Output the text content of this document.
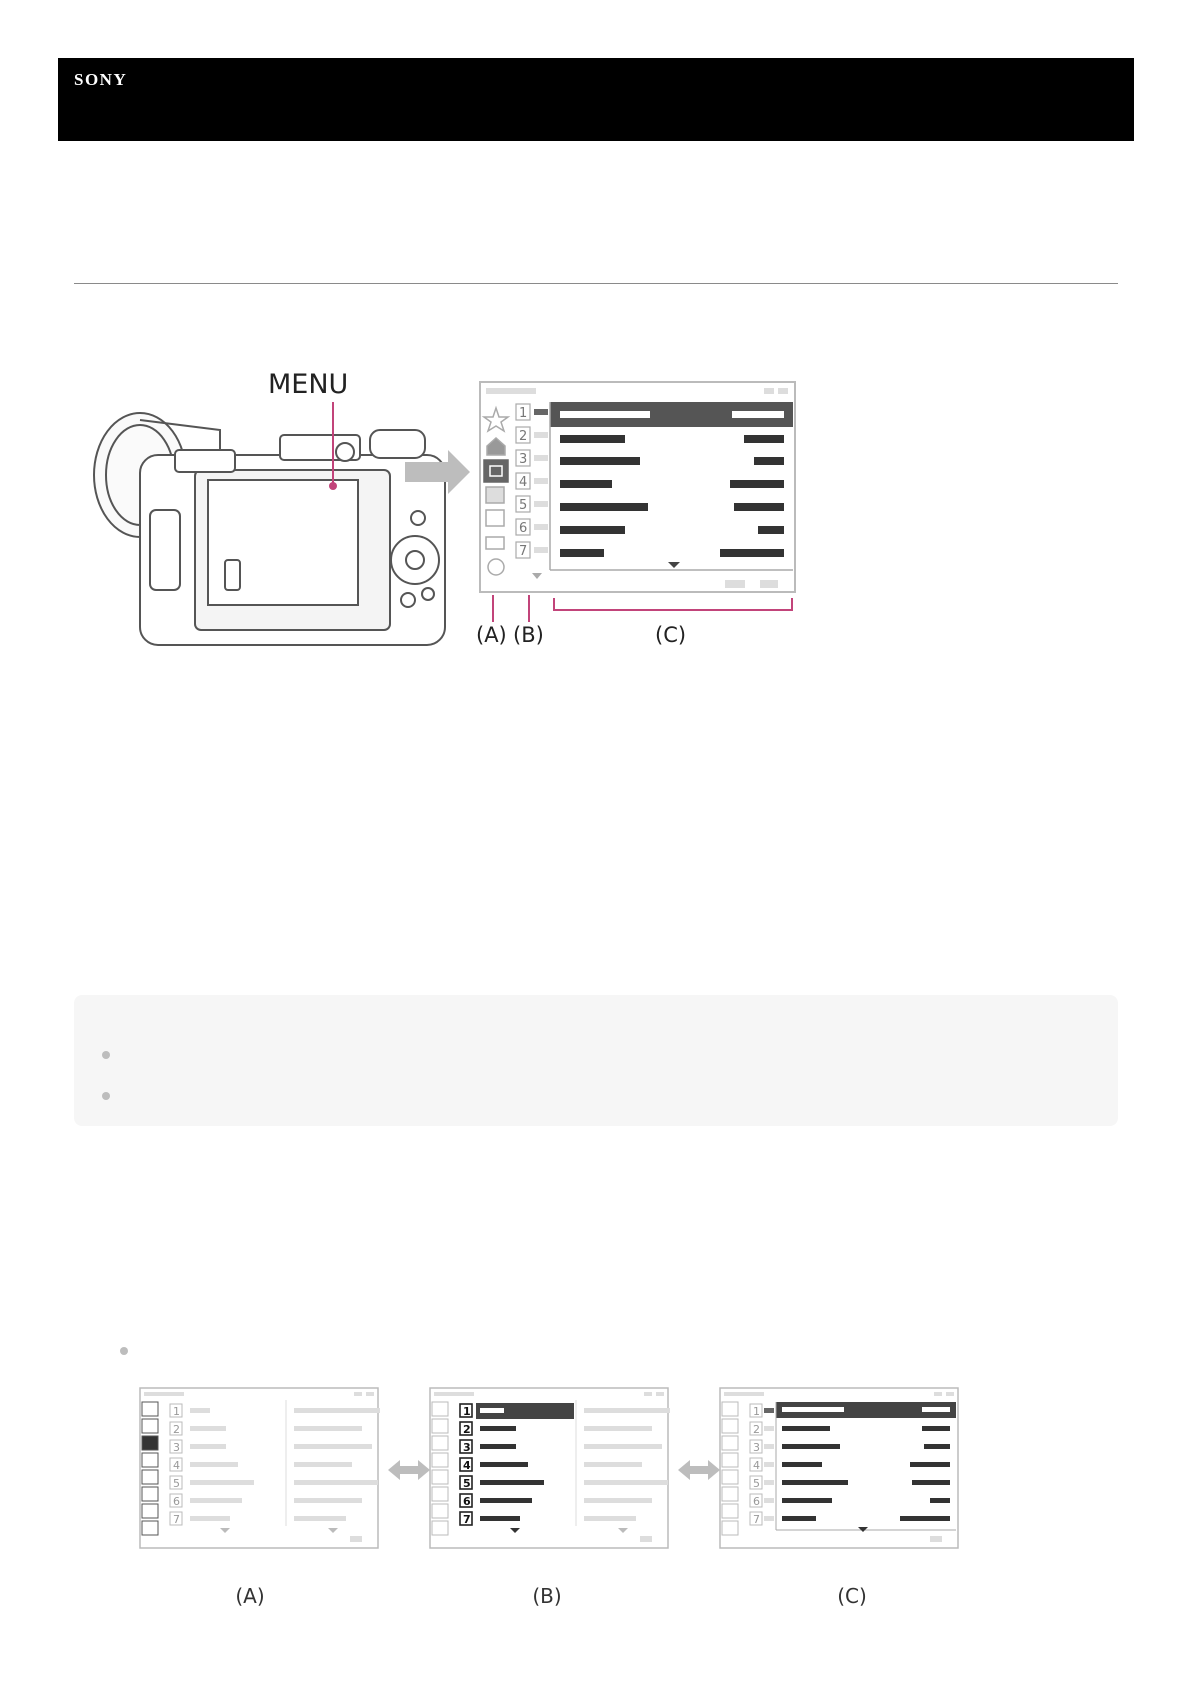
SONY
MENU
1
2
3
4
5
6
7
(A) (B)	(C)
1
2
3
4
5
6
7
1
2
3
4
5
6
7
1
2
3
4
5
6
7
(A)	(B)	(C)
